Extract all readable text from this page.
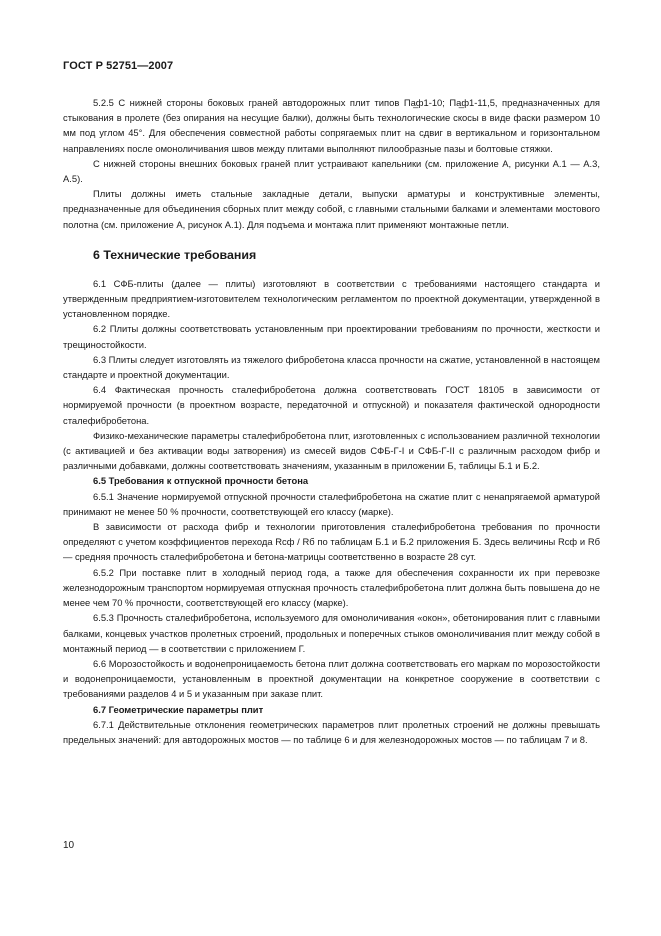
ГОСТ Р 52751—2007

5.2.5 С нижней стороны боковых граней автодорожных плит типов Па̲ф1-10; Па̲ф1-11,5, предназначенных для стыкования в пролете (без опирания на несущие балки), должны быть технологические скосы в виде фаски размером 10 мм под углом 45°. Для обеспечения совместной работы сопрягаемых плит на сдвиг в вертикальном и горизонтальном направлениях после омоноличивания швов между плитами выполняют пилообразные пазы и болтовые стяжки.

С нижней стороны внешних боковых граней плит устраивают капельники (см. приложение А, рисунки А.1 — А.3, А.5).

Плиты должны иметь стальные закладные детали, выпуски арматуры и конструктивные элементы, предназначенные для объединения сборных плит между собой, с главными стальными балками и элементами мостового полотна (см. приложение А, рисунок А.1). Для подъема и монтажа плит применяют монтажные петли.

6 Технические требования

6.1 СФБ-плиты (далее — плиты) изготовляют в соответствии с требованиями настоящего стандарта и утвержденным предприятием-изготовителем технологическим регламентом по проектной документации, утвержденной в установленном порядке.

6.2 Плиты должны соответствовать установленным при проектировании требованиям по прочности, жесткости и трещиностойкости.

6.3 Плиты следует изготовлять из тяжелого фибробетона класса прочности на сжатие, установленной в настоящем стандарте и проектной документации.

6.4 Фактическая прочность сталефибробетона должна соответствовать ГОСТ 18105 в зависимости от нормируемой прочности (в проектном возрасте, передаточной и отпускной) и показателя фактической однородности сталефибробетона.

Физико-механические параметры сталефибробетона плит, изготовленных с использованием различной технологии (с активацией и без активации воды затворения) из смесей видов СФБ-Г-I и СФБ-Г-II с различным расходом фибр и различными добавками, должны соответствовать значениям, указанным в приложении Б, таблицы Б.1 и Б.2.

6.5 Требования к отпускной прочности бетона

6.5.1 Значение нормируемой отпускной прочности сталефибробетона на сжатие плит с ненапрягаемой арматурой принимают не менее 50 % прочности, соответствующей его классу (марке).

В зависимости от расхода фибр и технологии приготовления сталефибробетона требования по прочности определяют с учетом коэффициентов перехода Rсф / Rб по таблицам Б.1 и Б.2 приложения Б. Здесь величины Rсф и Rб — средняя прочность сталефибробетона и бетона-матрицы соответственно в возрасте 28 сут.

6.5.2 При поставке плит в холодный период года, а также для обеспечения сохранности их при перевозке железнодорожным транспортом нормируемая отпускная прочность сталефибробетона плит должна быть повышена до не менее чем 70 % прочности, соответствующей его классу (марке).

6.5.3 Прочность сталефибробетона, используемого для омоноличивания «окон», обетонирования плит с главными балками, концевых участков пролетных строений, продольных и поперечных стыков омоноличивания плит между собой в монтажный период — в соответствии с приложением Г.

6.6 Морозостойкость и водонепроницаемость бетона плит должна соответствовать его маркам по морозостойкости и водонепроницаемости, установленным в проектной документации на конкретное сооружение в соответствии с требованиями разделов 4 и 5 и указанным при заказе плит.

6.7 Геометрические параметры плит

6.7.1 Действительные отклонения геометрических параметров плит пролетных строений не должны превышать предельных значений: для автодорожных мостов — по таблице 6 и для железнодорожных мостов — по таблицам 7 и 8.

10
